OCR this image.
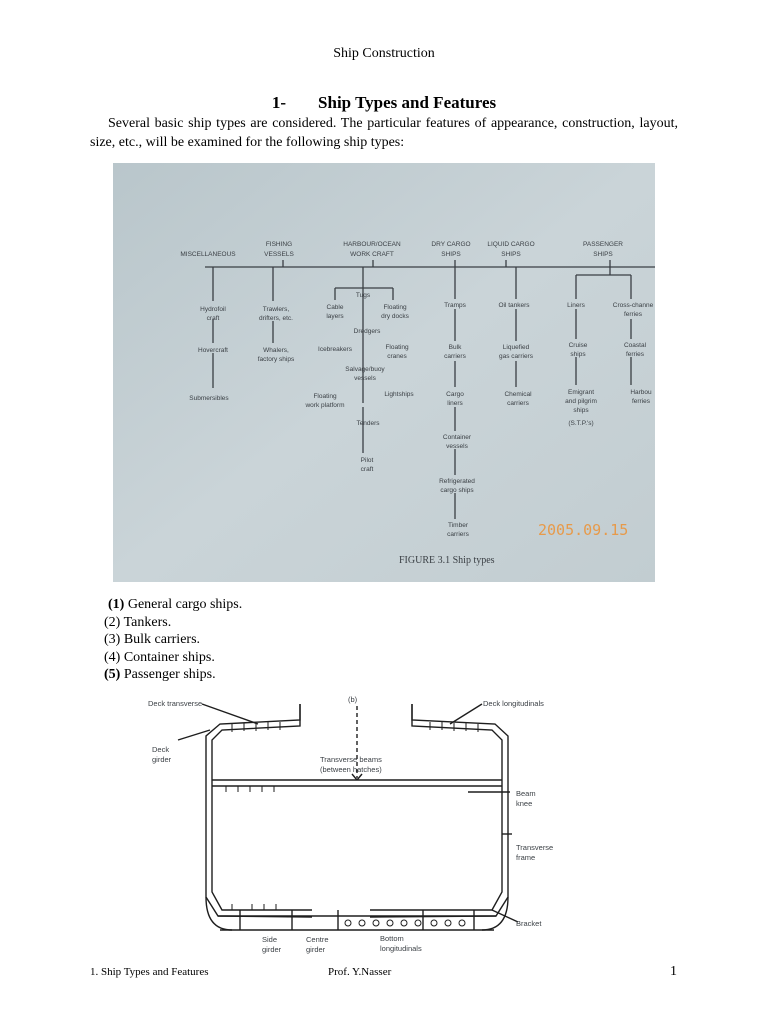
Ship Construction
1- Ship Types and Features
Several basic ship types are considered. The particular features of appearance, construction, layout, size, etc., will be examined for the following ship types:
MISCELLANEOUS
FISHING
VESSELS
HARBOUR/OCEAN
WORK CRAFT
DRY CARGO
SHIPS
LIQUID CARGO
SHIPS
PASSENGER
SHIPS
Hydrofoil
craft
Hovercraft
Submersibles
Trawlers,
drifters, etc.
Whalers,
factory ships
Tugs
Cable
layers
Floating
dry docks
Dredgers
Icebreakers	Floating
cranes
Salvage/buoy
vessels
Floating
work platform
Lightships
Tenders
Pilot
craft
Tramps
Bulk
carriers
Cargo
liners
Container
vessels
Refrigerated
cargo ships
Timber
carriers
Oil tankers
Liquefied
gas carriers
Chemical
carriers
Liners	Cross-channe
ferries
Cruise
ships
Coastal
ferries
Emigrant
and pilgrim
ships
(S.T.P.'s)
Harbou
ferries
FIGURE 3.1 Ship types
2005.09.15
(1) General cargo ships.
(2) Tankers.
(3) Bulk carriers.
(4) Container ships.
(5) Passenger ships.
(b)
Deck transverse	Deck longitudinals
Deck
girder	Transverse beams
(between hatches)
Beam
knee
Transverse
frame
Bracket
Side
girder
Centre
girder
Bottom
longitudinals
1. Ship Types and Features	Prof. Y.Nasser	1
